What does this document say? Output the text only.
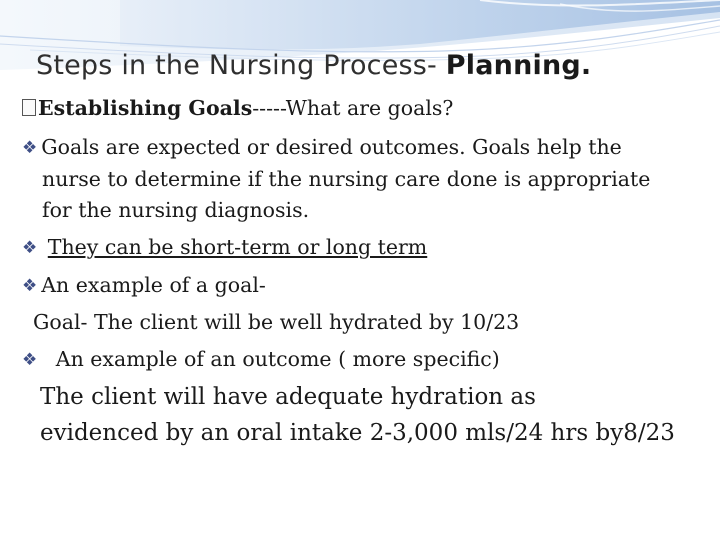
Steps in the Nursing Process- Planning.
Establishing Goals-----What are goals?
❖ Goals are expected or desired outcomes. Goals help the
nurse to determine if the nursing care done is appropriate
for the nursing diagnosis.
❖ They can be short-term or long term
❖ An example of a goal-
Goal- The client will be well hydrated by 10/23
❖ An example of an outcome ( more specific)
The client will have adequate hydration as
evidenced by an oral intake 2-3,000 mls/24 hrs by8/23
